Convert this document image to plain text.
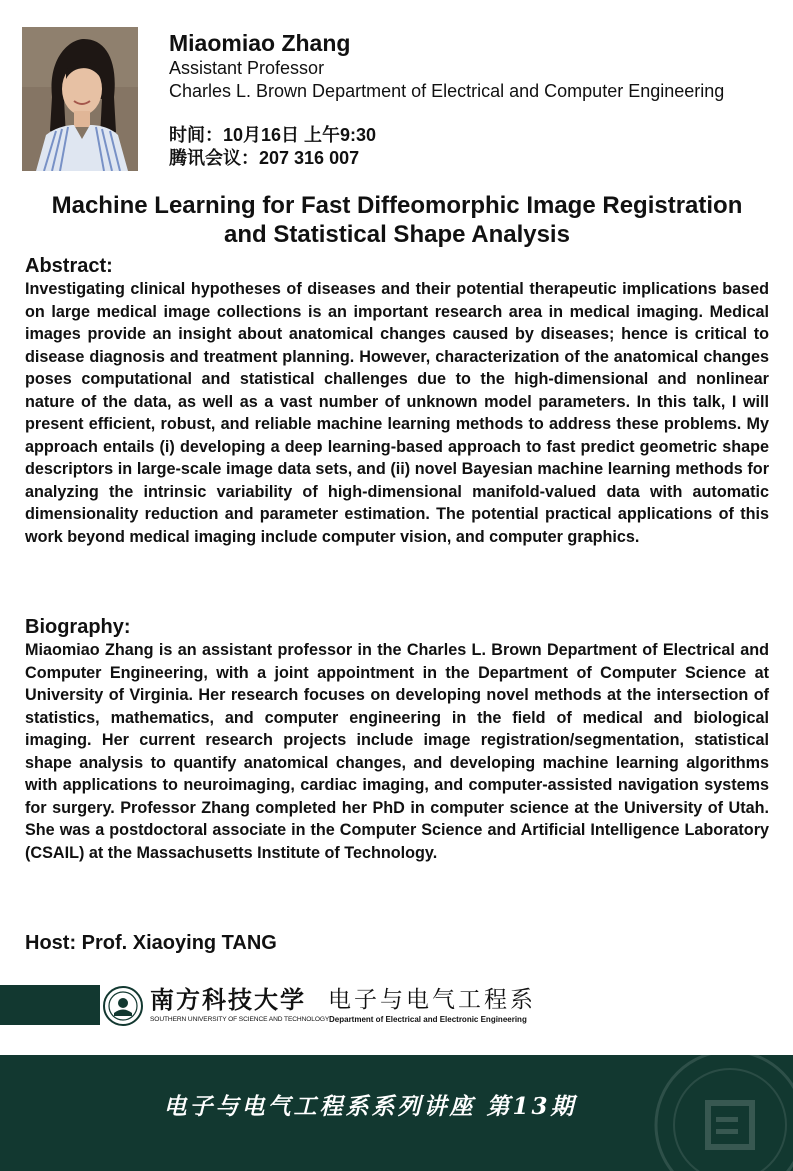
Miaomiao Zhang
Assistant Professor
Charles L. Brown Department of Electrical and Computer Engineering
时间：10月16日 上午9:30
腾讯会议：207 316 007
Machine Learning for Fast Diffeomorphic Image Registration
and Statistical Shape Analysis
Abstract:
Investigating clinical hypotheses of diseases and their potential therapeutic implications based on large medical image collections is an important research area in medical imaging. Medical images provide an insight about anatomical changes caused by diseases; hence is critical to disease diagnosis and treatment planning. However, characterization of the anatomical changes poses computational and statistical challenges due to the high-dimensional and nonlinear nature of the data, as well as a vast number of unknown model parameters. In this talk, I will present efficient, robust, and reliable machine learning methods to address these problems. My approach entails (i) developing a deep learning-based approach to fast predict geometric shape descriptors in large-scale image data sets, and (ii) novel Bayesian machine learning methods for analyzing the intrinsic variability of high-dimensional manifold-valued data with automatic dimensionality reduction and parameter estimation. The potential practical applications of this work beyond medical imaging include computer vision, and computer graphics.
Biography:
Miaomiao Zhang is an assistant professor in the Charles L. Brown Department of Electrical and Computer Engineering, with a joint appointment in the Department of Computer Science at University of Virginia. Her research focuses on developing novel methods at the intersection of statistics, mathematics, and computer engineering in the field of medical and biological imaging. Her current research projects include image registration/segmentation, statistical shape analysis to quantify anatomical changes, and developing machine learning algorithms with applications to neuroimaging, cardiac imaging, and computer-assisted navigation systems for surgery. Professor Zhang completed her PhD in computer science at the University of Utah. She was a postdoctoral associate in the Computer Science and Artificial Intelligence Laboratory (CSAIL) at the Massachusetts Institute of Technology.
Host: Prof. Xiaoying TANG
南方科技大学
SOUTHERN UNIVERSITY OF SCIENCE AND TECHNOLOGY
电子与电气工程系
Department of Electrical and Electronic Engineering
电子与电气工程系系列讲座 第13期
